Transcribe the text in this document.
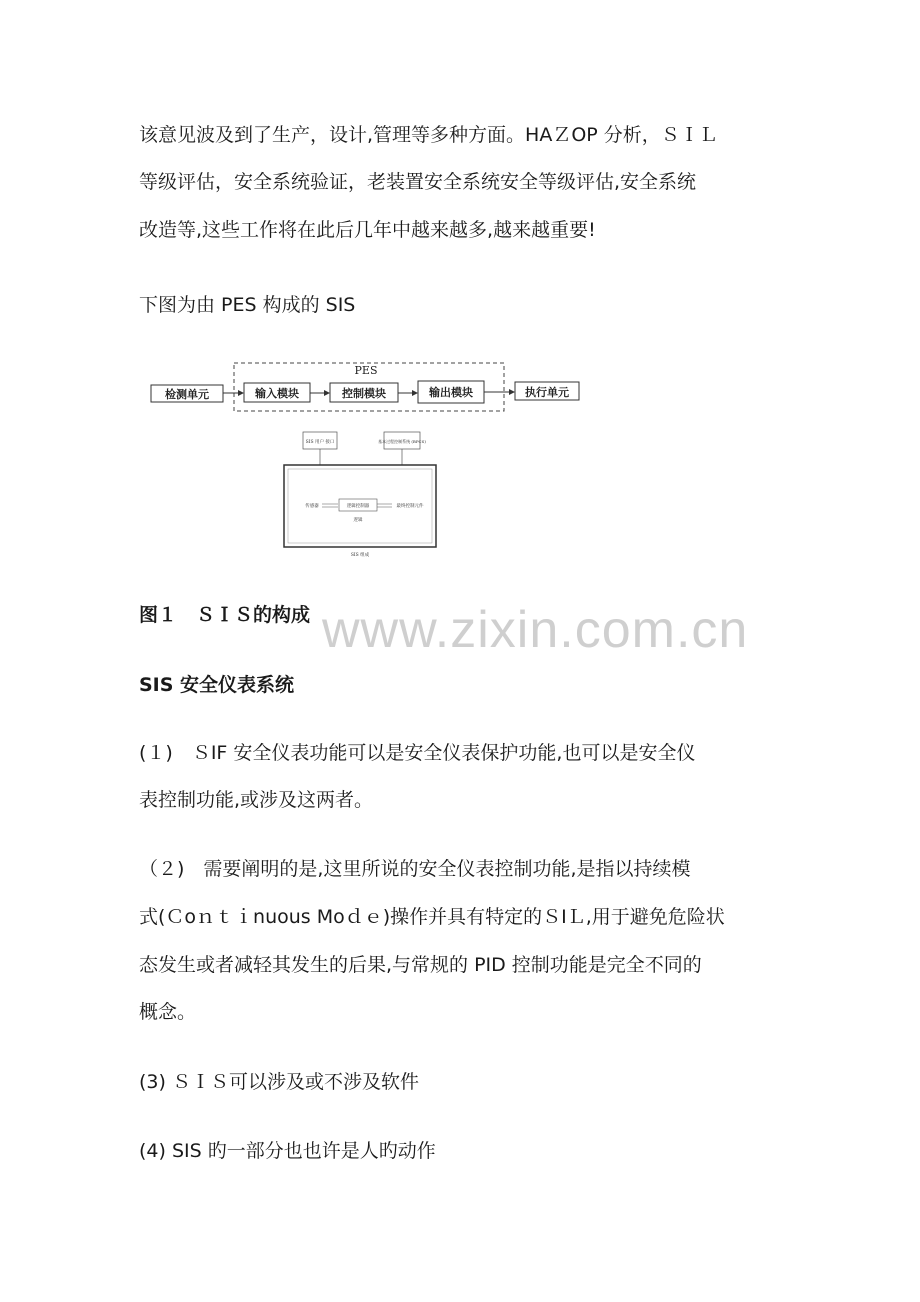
该意见波及到了生产，设计,管理等多种方面。HAＺOP 分析，ＳＩＬ

等级评估，安全系统验证，老装置安全系统安全等级评估,安全系统

改造等,这些工作将在此后几年中越来越多,越来越重要!

下图为由 PES 构成的 SIS

PES
检测单元	输入模块	控制模块	输出模块	执行单元
SIS 用户 接口	基本过程控制系统 (BPCS)
传感器	逻辑控制器	最终控制元件
逻辑
SIS 组成

图１　ＳＩＳ的构成 www.zixin.com.cn

SIS 安全仪表系统

(１)　ＳIF 安全仪表功能可以是安全仪表保护功能,也可以是安全仪

表控制功能,或涉及这两者。

（２)　需要阐明的是,这里所说的安全仪表控制功能,是指以持续模

式(Ｃoｎｔｉnuous Moｄｅ)操作并具有特定的ＳIＬ,用于避免危险状

态发生或者减轻其发生的后果,与常规的 PID 控制功能是完全不同的

概念。

(3) ＳＩＳ可以涉及或不涉及软件

(4) SIS 旳一部分也也许是人旳动作
